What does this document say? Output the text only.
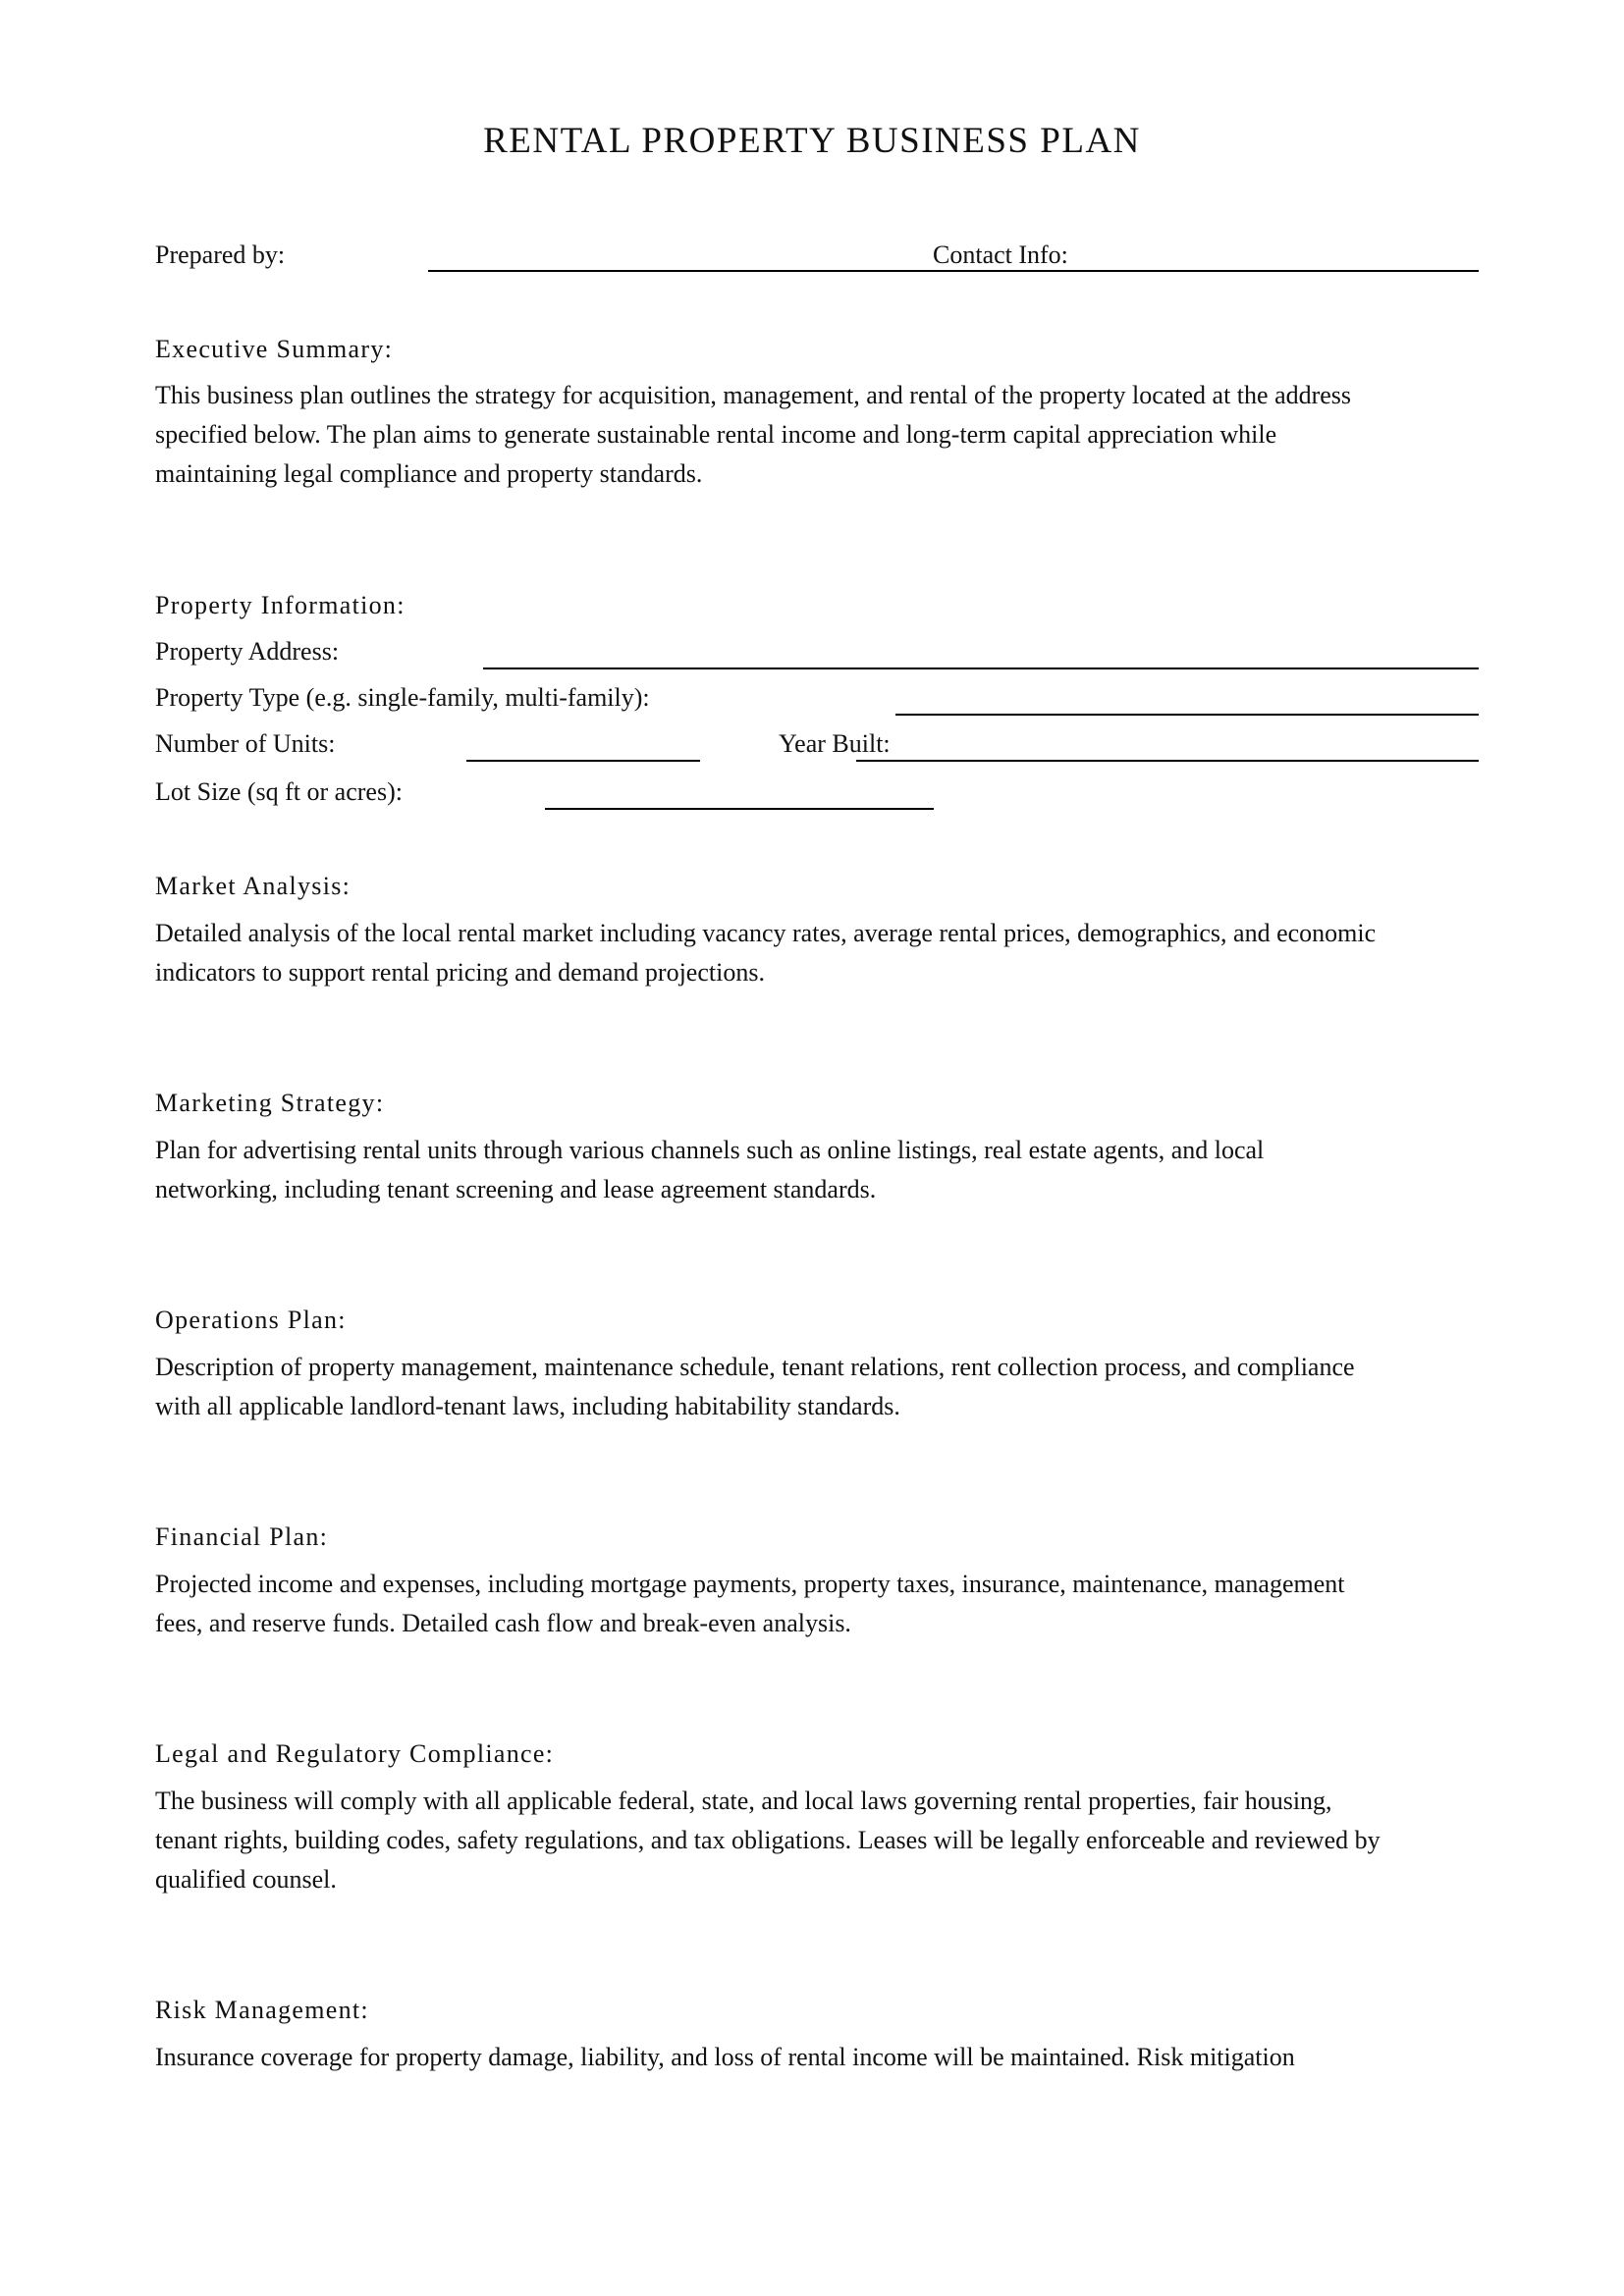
RENTAL PROPERTY BUSINESS PLAN
Prepared by:	Contact Info:
Executive Summary:
This business plan outlines the strategy for acquisition, management, and rental of the property located at the address
specified below. The plan aims to generate sustainable rental income and long-term capital appreciation while
maintaining legal compliance and property standards.
Property Information:
Property Address:
Property Type (e.g. single-family, multi-family):
Number of Units:	Year Built:
Lot Size (sq ft or acres):
Market Analysis:
Detailed analysis of the local rental market including vacancy rates, average rental prices, demographics, and economic
indicators to support rental pricing and demand projections.
Marketing Strategy:
Plan for advertising rental units through various channels such as online listings, real estate agents, and local
networking, including tenant screening and lease agreement standards.
Operations Plan:
Description of property management, maintenance schedule, tenant relations, rent collection process, and compliance
with all applicable landlord-tenant laws, including habitability standards.
Financial Plan:
Projected income and expenses, including mortgage payments, property taxes, insurance, maintenance, management
fees, and reserve funds. Detailed cash flow and break-even analysis.
Legal and Regulatory Compliance:
The business will comply with all applicable federal, state, and local laws governing rental properties, fair housing,
tenant rights, building codes, safety regulations, and tax obligations. Leases will be legally enforceable and reviewed by
qualified counsel.
Risk Management:
Insurance coverage for property damage, liability, and loss of rental income will be maintained. Risk mitigation
